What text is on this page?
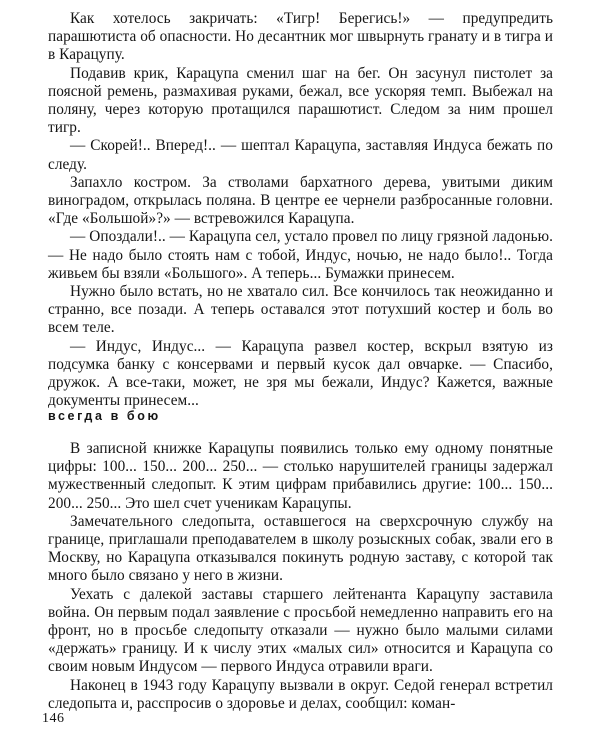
Как хотелось закричать: «Тигр! Берегись!» — предупредить парашютиста об опасности. Но десантник мог швырнуть гранату и в тигра и в Карацупу.

Подавив крик, Карацупа сменил шаг на бег. Он засунул пистолет за поясной ремень, размахивая руками, бежал, все ускоряя темп. Выбежал на поляну, через которую протащился парашютист. Следом за ним прошел тигр.

— Скорей!.. Вперед!.. — шептал Карацупа, заставляя Индуса бежать по следу.

Запахло костром. За стволами бархатного дерева, увитыми диким виноградом, открылась поляна. В центре ее чернели разбросанные головни. «Где «Большой»?» — встревожился Карацупа.

— Опоздали!.. — Карацупа сел, устало провел по лицу грязной ладонью. — Не надо было стоять нам с тобой, Индус, ночью, не надо было!.. Тогда живьем бы взяли «Большого». А теперь... Бумажки принесем.

Нужно было встать, но не хватало сил. Все кончилось так неожиданно и странно, все позади. А теперь оставался этот потухший костер и боль во всем теле.

— Индус, Индус... — Карацупа развел костер, вскрыл взятую из подсумка банку с консервами и первый кусок дал овчарке. — Спасибо, дружок. А все-таки, может, не зря мы бежали, Индус? Кажется, важные документы принесем...

всегда в бою

В записной книжке Карацупы появились только ему одному понятные цифры: 100... 150... 200... 250... — столько нарушителей границы задержал мужественный следопыт. К этим цифрам прибавились другие: 100... 150... 200... 250... Это шел счет ученикам Карацупы.

Замечательного следопыта, оставшегося на сверхсрочную службу на границе, приглашали преподавателем в школу розыскных собак, звали его в Москву, но Карацупа отказывался покинуть родную заставу, с которой так много было связано у него в жизни.

Уехать с далекой заставы старшего лейтенанта Карацупу заставила война. Он первым подал заявление с просьбой немедленно направить его на фронт, но в просьбе следопыту отказали — нужно было малыми силами «держать» границу. И к числу этих «малых сил» относится и Карацупа со своим новым Индусом — первого Индуса отравили враги.

Наконец в 1943 году Карацупу вызвали в округ. Седой генерал встретил следопыта и, расспросив о здоровье и делах, сообщил: коман-

146
